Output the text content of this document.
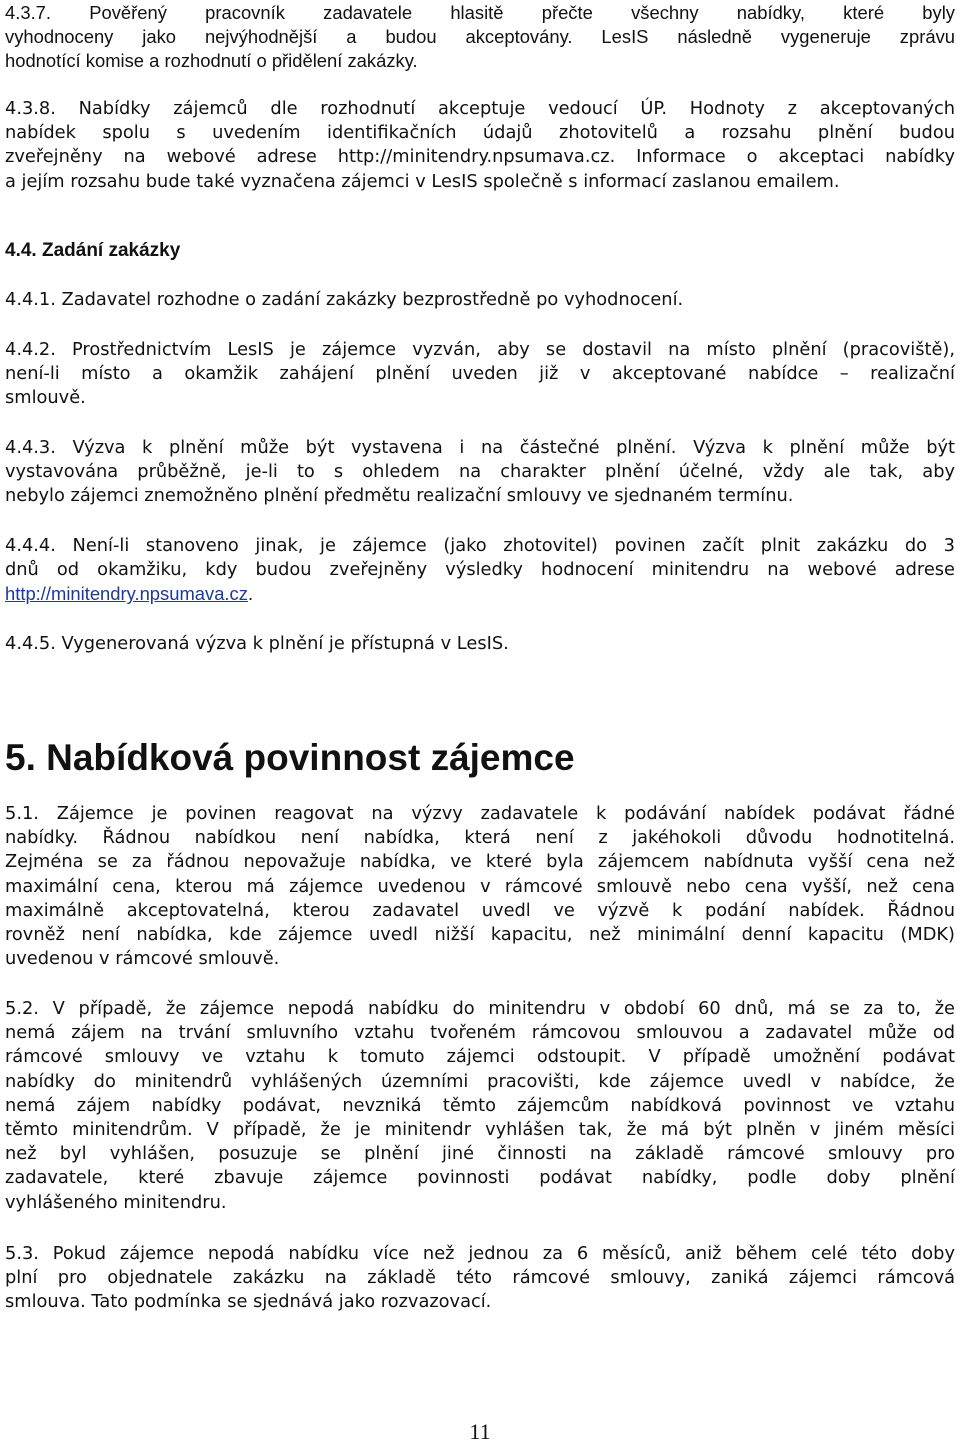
4.3.7. Pověřený pracovník zadavatele hlasitě přečte všechny nabídky, které byly
vyhodnoceny jako nejvýhodnější a budou akceptovány. LesIS následně vygeneruje zprávu
hodnotící komise a rozhodnutí o přidělení zakázky.
4.3.8. Nabídky zájemců dle rozhodnutí akceptuje vedoucí ÚP. Hodnoty z akceptovaných
nabídek spolu s uvedením identifikačních údajů zhotovitelů a rozsahu plnění budou
zveřejněny na webové adrese http://minitendry.npsumava.cz. Informace o akceptaci nabídky
a jejím rozsahu bude také vyznačena zájemci v LesIS společně s informací zaslanou emailem.
4.4. Zadání zakázky
4.4.1. Zadavatel rozhodne o zadání zakázky bezprostředně po vyhodnocení.
4.4.2. Prostřednictvím LesIS je zájemce vyzván, aby se dostavil na místo plnění (pracoviště),
není-li místo a okamžik zahájení plnění uveden již v akceptované nabídce – realizační
smlouvě.
4.4.3. Výzva k plnění může být vystavena i na částečné plnění. Výzva k plnění může být
vystavována průběžně, je-li to s ohledem na charakter plnění účelné, vždy ale tak, aby
nebylo zájemci znemožněno plnění předmětu realizační smlouvy ve sjednaném termínu.
4.4.4. Není-li stanoveno jinak, je zájemce (jako zhotovitel) povinen začít plnit zakázku do 3
dnů od okamžiku, kdy budou zveřejněny výsledky hodnocení minitendru na webové adrese
http://minitendry.npsumava.cz.
4.4.5. Vygenerovaná výzva k plnění je přístupná v LesIS.
5. Nabídková povinnost zájemce
5.1. Zájemce je povinen reagovat na výzvy zadavatele k podávání nabídek podávat řádné
nabídky. Řádnou nabídkou není nabídka, která není z jakéhokoli důvodu hodnotitelná.
Zejména se za řádnou nepovažuje nabídka, ve které byla zájemcem nabídnuta vyšší cena než
maximální cena, kterou má zájemce uvedenou v rámcové smlouvě nebo cena vyšší, než cena
maximálně akceptovatelná, kterou zadavatel uvedl ve výzvě k podání nabídek. Řádnou
rovněž není nabídka, kde zájemce uvedl nižší kapacitu, než minimální denní kapacitu (MDK)
uvedenou v rámcové smlouvě.
5.2. V případě, že zájemce nepodá nabídku do minitendru v období 60 dnů, má se za to, že
nemá zájem na trvání smluvního vztahu tvořeném rámcovou smlouvou a zadavatel může od
rámcové smlouvy ve vztahu k tomuto zájemci odstoupit. V případě umožnění podávat
nabídky do minitendrů vyhlášených územními pracovišti, kde zájemce uvedl v nabídce, že
nemá zájem nabídky podávat, nevzniká těmto zájemcům nabídková povinnost ve vztahu
těmto minitendrům. V případě, že je minitendr vyhlášen tak, že má být plněn v jiném měsíci
než byl vyhlášen, posuzuje se plnění jiné činnosti na základě rámcové smlouvy pro
zadavatele, které zbavuje zájemce povinnosti podávat nabídky, podle doby plnění
vyhlášeného minitendru.
5.3. Pokud zájemce nepodá nabídku více než jednou za 6 měsíců, aniž během celé této doby
plní pro objednatele zakázku na základě této rámcové smlouvy, zaniká zájemci rámcová
smlouva. Tato podmínka se sjednává jako rozvazovací.
11
